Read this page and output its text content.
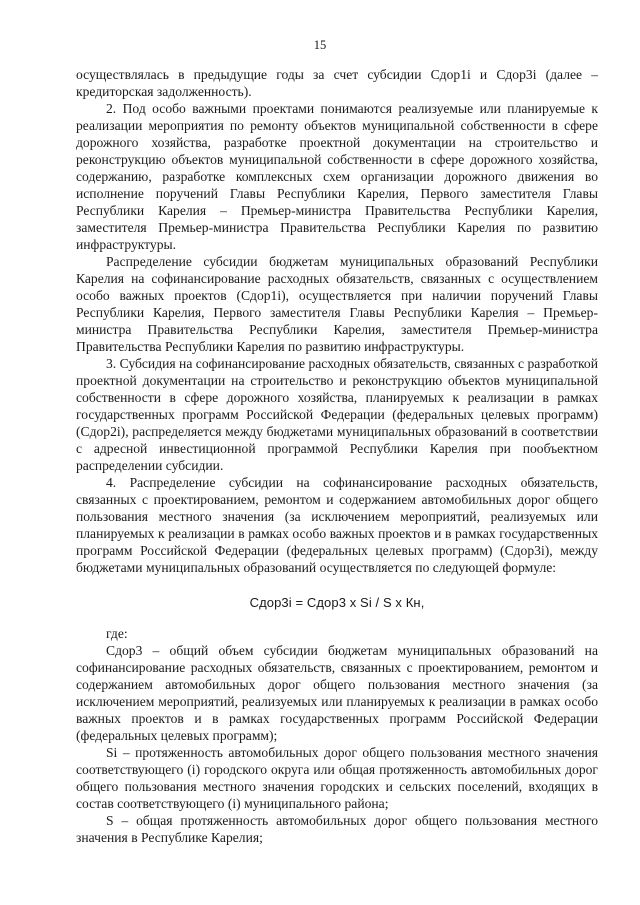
15

осуществлялась в предыдущие годы за счет субсидии Сдор1i и Сдор3i (далее – кредиторская задолженность).

2. Под особо важными проектами понимаются реализуемые или планируемые к реализации мероприятия по ремонту объектов муниципальной собственности в сфере дорожного хозяйства, разработке проектной документации на строительство и реконструкцию объектов муниципальной собственности в сфере дорожного хозяйства, содержанию, разработке комплексных схем организации дорожного движения во исполнение поручений Главы Республики Карелия, Первого заместителя Главы Республики Карелия – Премьер-министра Правительства Республики Карелия, заместителя Премьер-министра Правительства Республики Карелия по развитию инфраструктуры.

Распределение субсидии бюджетам муниципальных образований Республики Карелия на софинансирование расходных обязательств, связанных с осуществлением особо важных проектов (Сдор1i), осуществляется при наличии поручений Главы Республики Карелия, Первого заместителя Главы Республики Карелия – Премьер-министра Правительства Республики Карелия, заместителя Премьер-министра Правительства Республики Карелия по развитию инфраструктуры.

3. Субсидия на софинансирование расходных обязательств, связанных с разработкой проектной документации на строительство и реконструкцию объектов муниципальной собственности в сфере дорожного хозяйства, планируемых к реализации в рамках государственных программ Российской Федерации (федеральных целевых программ) (Сдор2i), распределяется между бюджетами муниципальных образований в соответствии с адресной инвестиционной программой Республики Карелия при пообъектном распределении субсидии.

4. Распределение субсидии на софинансирование расходных обязательств, связанных с проектированием, ремонтом и содержанием автомобильных дорог общего пользования местного значения (за исключением мероприятий, реализуемых или планируемых к реализации в рамках особо важных проектов и в рамках государственных программ Российской Федерации (федеральных целевых программ) (Сдор3i), между бюджетами муниципальных образований осуществляется по следующей формуле:

Сдор3i = Сдор3 x Si / S x Кн,

где:

Сдор3 – общий объем субсидии бюджетам муниципальных образований на софинансирование расходных обязательств, связанных с проектированием, ремонтом и содержанием автомобильных дорог общего пользования местного значения (за исключением мероприятий, реализуемых или планируемых к реализации в рамках особо важных проектов и в рамках государственных программ Российской Федерации (федеральных целевых программ);

Si – протяженность автомобильных дорог общего пользования местного значения соответствующего (i) городского округа или общая протяженность автомобильных дорог общего пользования местного значения городских и сельских поселений, входящих в состав соответствующего (i) муниципального района;

S – общая протяженность автомобильных дорог общего пользования местного значения в Республике Карелия;
